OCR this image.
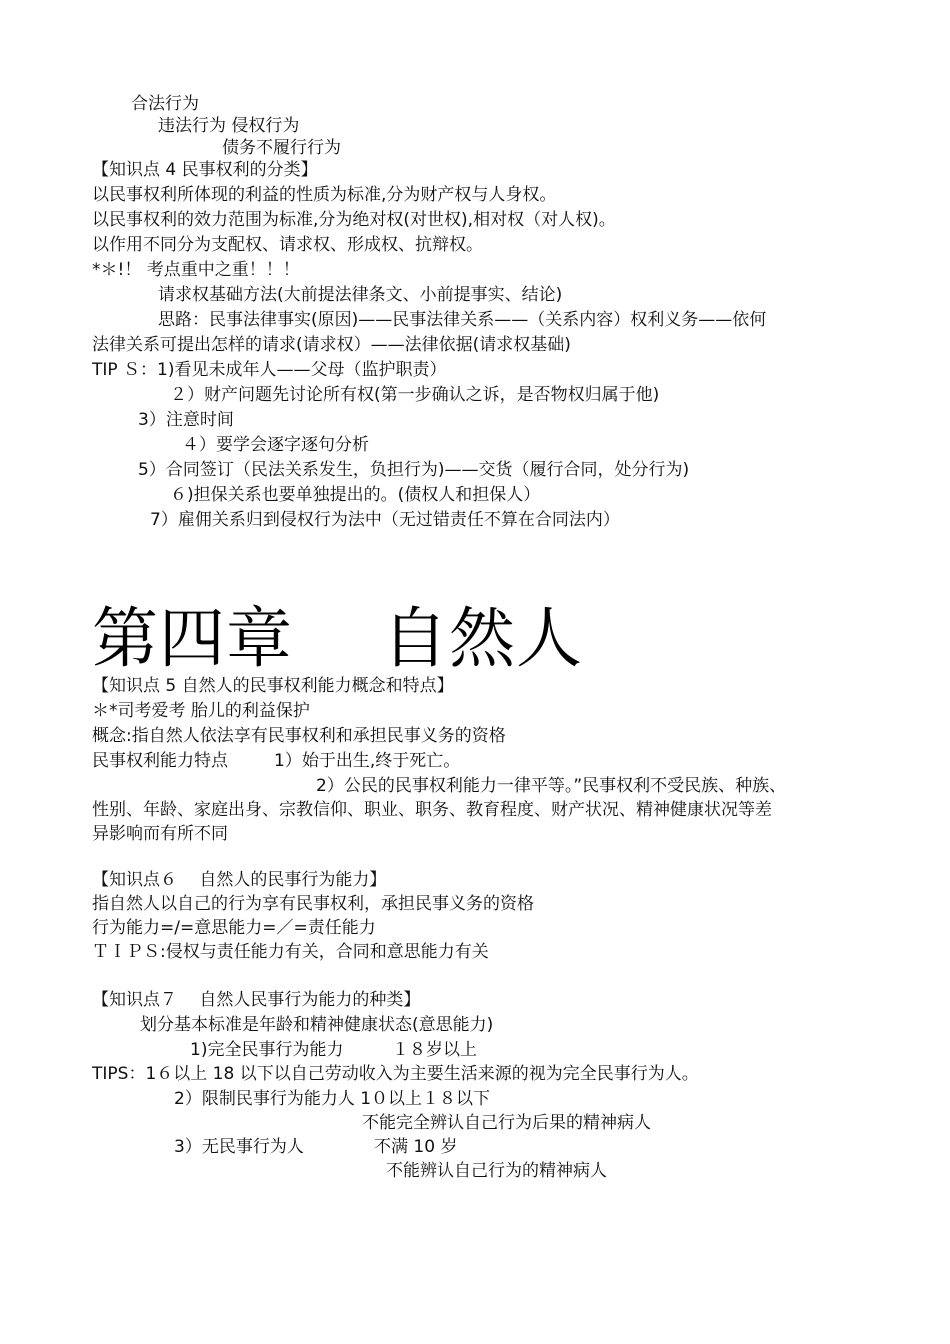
合法行为
违法行为 侵权行为
债务不履行行为
【知识点 4 民事权利的分类】
以民事权利所体现的利益的性质为标准,分为财产权与人身权。
以民事权利的效力范围为标准,分为绝对权(对世权),相对权（对人权)。
以作用不同分为支配权、请求权、形成权、抗辩权。
*＊!！ 考点重中之重！！！
请求权基础方法(大前提法律条文、小前提事实、结论)
思路：民事法律事实(原因)——民事法律关系——（关系内容）权利义务——依何
法律关系可提出怎样的请求(请求权）——法律依据(请求权基础)
TIP Ｓ：1)看见未成年人——父母（监护职责）
２）财产问题先讨论所有权(第一步确认之诉，是否物权归属于他)
3）注意时间
４）要学会逐字逐句分析
5）合同签订（民法关系发生，负担行为)——交货（履行合同，处分行为)
６)担保关系也要单独提出的。(债权人和担保人）
7）雇佣关系归到侵权行为法中（无过错责任不算在合同法内）
第四章　 自然人
【知识点 5 自然人的民事权利能力概念和特点】
＊*司考爱考 胎儿的利益保护
概念:指自然人依法享有民事权利和承担民事义务的资格
民事权利能力特点	1）始于出生,终于死亡。
2）公民的民事权利能力一律平等。”民事权利不受民族、种族、
性别、年龄、家庭出身、宗教信仰、职业、职务、教育程度、财产状况、精神健康状况等差
异影响而有所不同
【知识点６　 自然人的民事行为能力】
指自然人以自己的行为享有民事权利，承担民事义务的资格
行为能力=/=意思能力=／=责任能力
ＴＩＰＳ:侵权与责任能力有关，合同和意思能力有关
【知识点７　 自然人民事行为能力的种类】
划分基本标准是年龄和精神健康状态(意思能力)
1)完全民事行为能力	１８岁以上
TIPS：1６以上 18 以下以自己劳动收入为主要生活来源的视为完全民事行为人。
2）限制民事行为能力人 1０以上１８以下
不能完全辨认自己行为后果的精神病人
3）无民事行为人	不满 10 岁
不能辨认自己行为的精神病人
